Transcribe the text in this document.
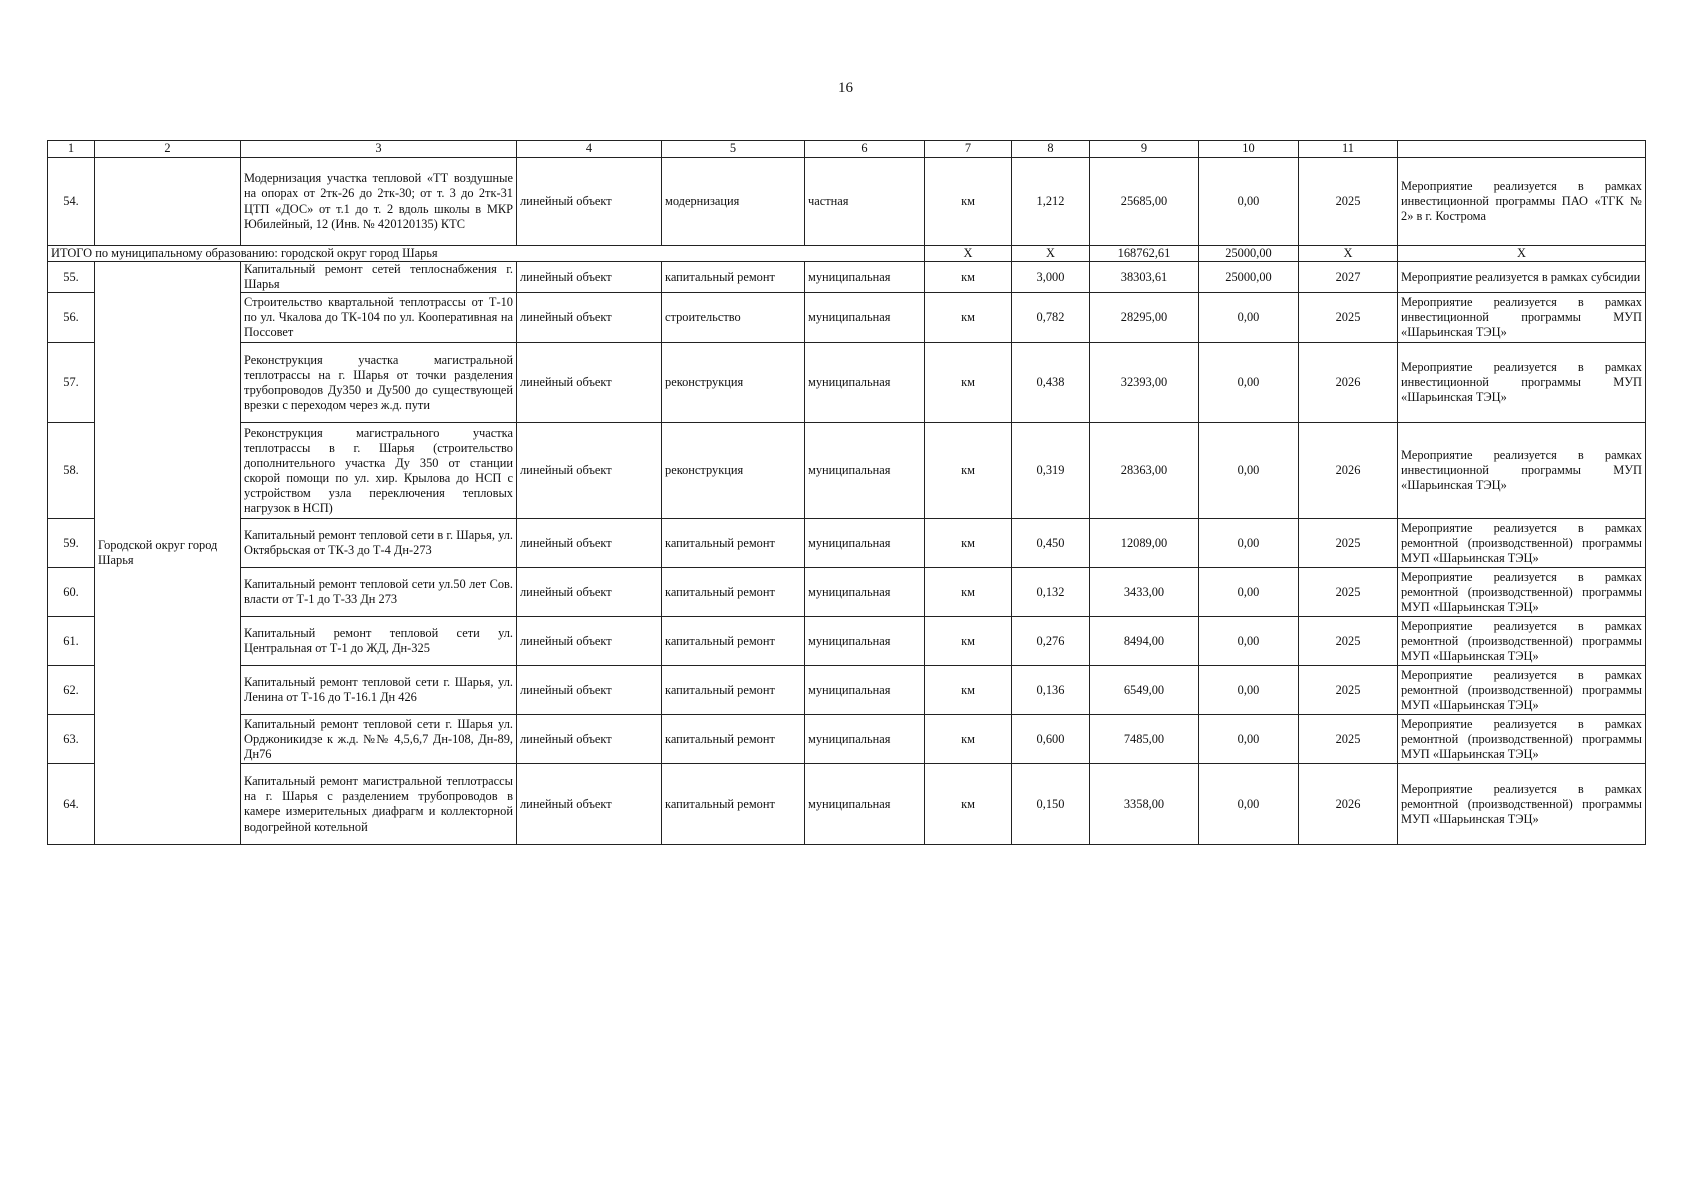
16
1	2	3	4	5	6	7	8	9	10	11	
54.		Модернизация участка тепловой «ТТ воздушные на опорах от 2тк-26 до 2тк-30; от т. 3 до 2тк-31 ЦТП «ДОС» от т.1 до т. 2 вдоль школы в МКР Юбилейный, 12 (Инв. № 420120135) КТС	линейный объект	модернизация	частная	км	1,212	25685,00	0,00	2025	Мероприятие реализуется в рамках инвестиционной программы ПАО «ТГК № 2» в г. Кострома
ИТОГО по муниципальному образованию: городской округ город Шарья						X	X	168762,61	25000,00	X	X
55.	Городской округ город Шарья	Капитальный ремонт сетей теплоснабжения г. Шарья	линейный объект	капитальный ремонт	муниципальная	км	3,000	38303,61	25000,00	2027	Мероприятие реализуется в рамках субсидии
56.		Строительство квартальной теплотрассы от Т-10 по ул. Чкалова до ТК-104 по ул. Кооперативная на Поссовет	линейный объект	строительство	муниципальная	км	0,782	28295,00	0,00	2025	Мероприятие реализуется в рамках инвестиционной программы МУП «Шарьинская ТЭЦ»
57.		Реконструкция участка магистральной теплотрассы на г. Шарья от точки разделения трубопроводов Ду350 и Ду500 до существующей врезки с переходом через ж.д. пути	линейный объект	реконструкция	муниципальная	км	0,438	32393,00	0,00	2026	Мероприятие реализуется в рамках инвестиционной программы МУП «Шарьинская ТЭЦ»
58.		Реконструкция магистрального участка теплотрассы в г. Шарья (строительство дополнительного участка Ду 350 от станции скорой помощи по ул. хир. Крылова до НСП с устройством узла переключения тепловых нагрузок в НСП)	линейный объект	реконструкция	муниципальная	км	0,319	28363,00	0,00	2026	Мероприятие реализуется в рамках инвестиционной программы МУП «Шарьинская ТЭЦ»
59.		Капитальный ремонт тепловой сети в г. Шарья, ул. Октябрьская от ТК-3 до Т-4 Дн-273	линейный объект	капитальный ремонт	муниципальная	км	0,450	12089,00	0,00	2025	Мероприятие реализуется в рамках ремонтной (производственной) программы МУП «Шарьинская ТЭЦ»
60.		Капитальный ремонт тепловой сети ул.50 лет Сов. власти от Т-1 до Т-33 Дн 273	линейный объект	капитальный ремонт	муниципальная	км	0,132	3433,00	0,00	2025	Мероприятие реализуется в рамках ремонтной (производственной) программы МУП «Шарьинская ТЭЦ»
61.		Капитальный ремонт тепловой сети ул. Центральная от Т-1 до ЖД, Дн-325	линейный объект	капитальный ремонт	муниципальная	км	0,276	8494,00	0,00	2025	Мероприятие реализуется в рамках ремонтной (производственной) программы МУП «Шарьинская ТЭЦ»
62.		Капитальный ремонт тепловой сети г. Шарья, ул. Ленина от Т-16 до Т-16.1 Дн 426	линейный объект	капитальный ремонт	муниципальная	км	0,136	6549,00	0,00	2025	Мероприятие реализуется в рамках ремонтной (производственной) программы МУП «Шарьинская ТЭЦ»
63.		Капитальный ремонт тепловой сети г. Шарья ул. Орджоникидзе к ж.д. №№ 4,5,6,7 Дн-108, Дн-89, Дн76	линейный объект	капитальный ремонт	муниципальная	км	0,600	7485,00	0,00	2025	Мероприятие реализуется в рамках ремонтной (производственной) программы МУП «Шарьинская ТЭЦ»
64.		Капитальный ремонт магистральной теплотрассы на г. Шарья с разделением трубопроводов в камере измерительных диафрагм и коллекторной водогрейной котельной	линейный объект	капитальный ремонт	муниципальная	км	0,150	3358,00	0,00	2026	Мероприятие реализуется в рамках ремонтной (производственной) программы МУП «Шарьинская ТЭЦ»
